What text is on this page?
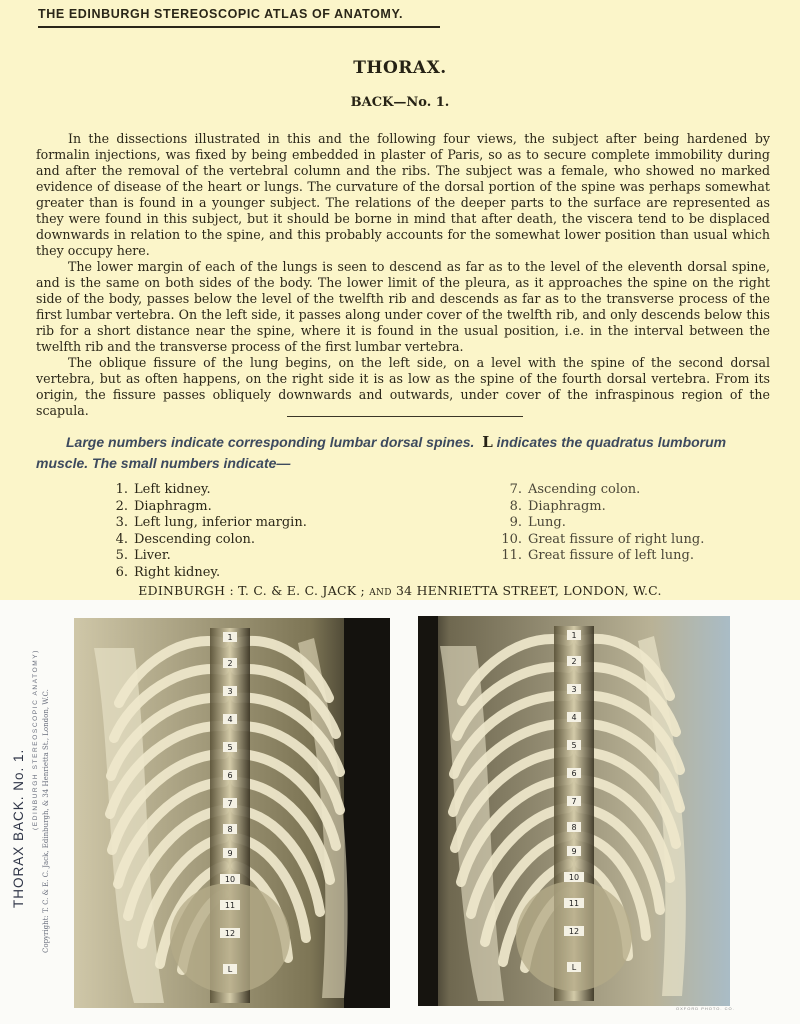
THE EDINBURGH STEREOSCOPIC ATLAS OF ANATOMY.
THORAX.
BACK—No. 1.

In the dissections illustrated in this and the following four views, the subject after being hardened by formalin injections, was fixed by being embedded in plaster of Paris, so as to secure complete immobility during and after the removal of the vertebral column and the ribs. The subject was a female, who showed no marked evidence of disease of the heart or lungs. The curvature of the dorsal portion of the spine was perhaps somewhat greater than is found in a younger subject. The relations of the deeper parts to the surface are represented as they were found in this subject, but it should be borne in mind that after death, the viscera tend to be displaced downwards in relation to the spine, and this probably accounts for the somewhat lower position than usual which they occupy here.

The lower margin of each of the lungs is seen to descend as far as to the level of the eleventh dorsal spine, and is the same on both sides of the body. The lower limit of the pleura, as it approaches the spine on the right side of the body, passes below the level of the twelfth rib and descends as far as to the transverse process of the first lumbar vertebra. On the left side, it passes along under cover of the twelfth rib, and only descends below this rib for a short distance near the spine, where it is found in the usual position, i.e. in the interval between the twelfth rib and the transverse process of the first lumbar vertebra.

The oblique fissure of the lung begins, on the left side, on a level with the spine of the second dorsal vertebra, but as often happens, on the right side it is as low as the spine of the fourth dorsal vertebra. From its origin, the fissure passes obliquely downwards and outwards, under cover of the infraspinous region of the scapula.

Large numbers indicate corresponding lumbar dorsal spines. L indicates the quadratus lumborum muscle. The small numbers indicate—
1. Left kidney.
2. Diaphragm.
3. Left lung, inferior margin.
4. Descending colon.
5. Liver.
6. Right kidney.
7. Ascending colon.
8. Diaphragm.
9. Lung.
10. Great fissure of right lung.
11. Great fissure of left lung.
EDINBURGH : T. C. & E. C. JACK ; AND 34 HENRIETTA STREET, LONDON, W.C.
THORAX BACK. No. 1. (EDINBURGH STEREOSCOPIC ANATOMY) Copyright: T. C. & E. C. Jack, Edinburgh, & 34 Henrietta St., London, W.C.
1
2
3
4
5
6
7
8
9
10
11
12
L
1
2
3
4
5
6
7
8
9
10
11
12
L
OXFORD PHOTO. CO.
